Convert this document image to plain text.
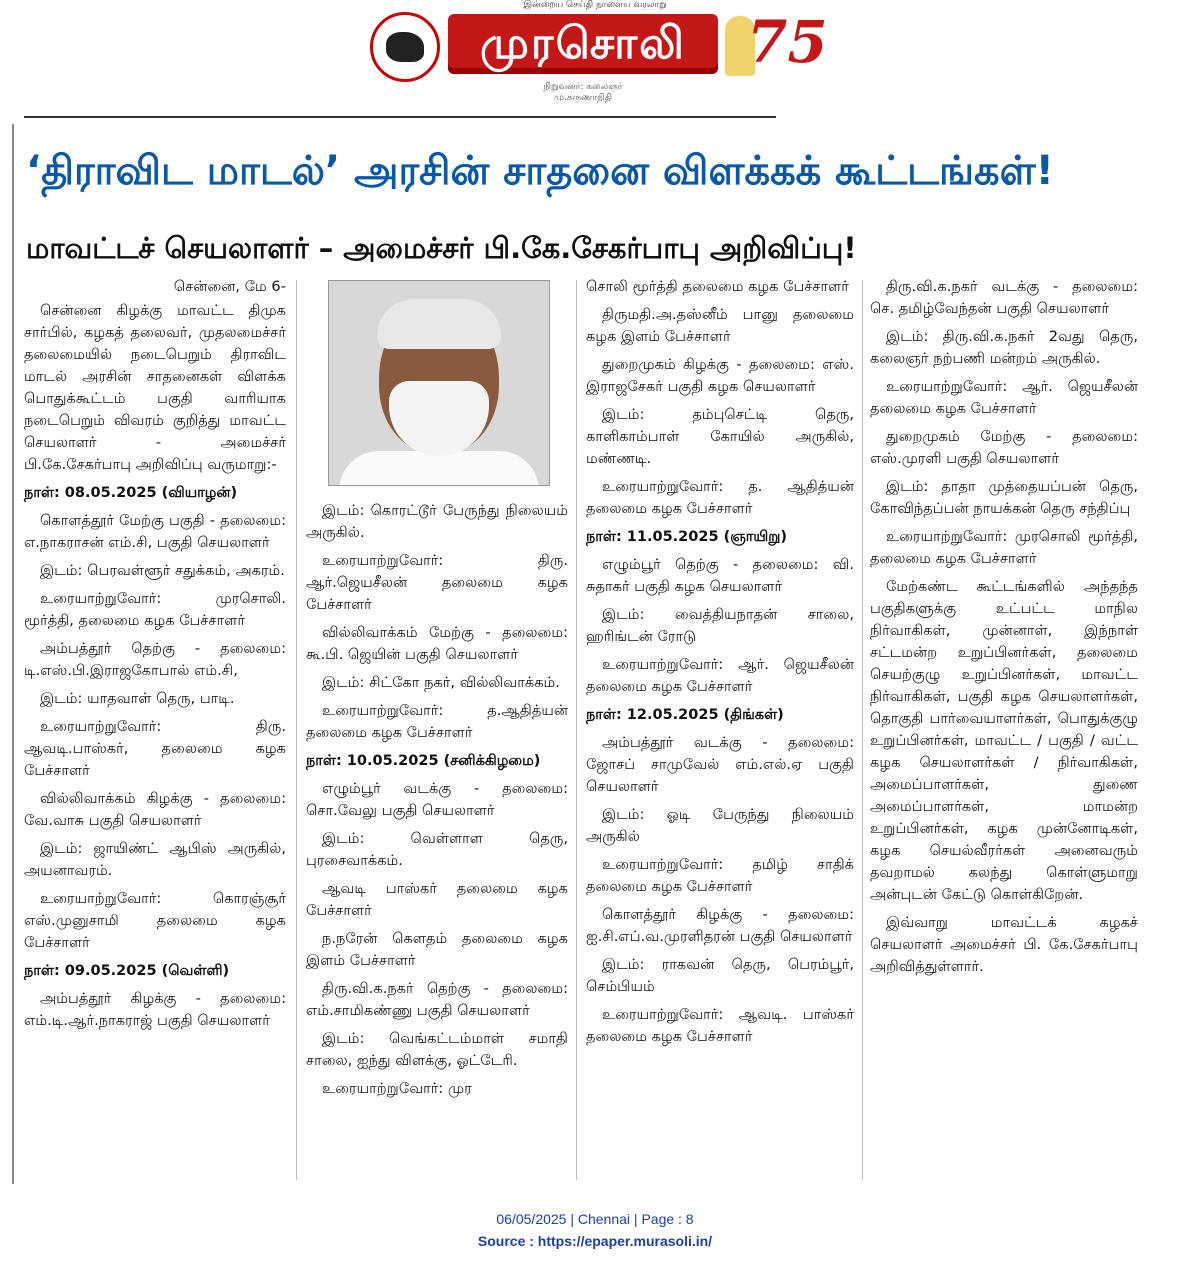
இன்றைய செய்தி நாளைய வரலாறு
முரசொலி
நிறுவனர்: கலைஞர் மு.கருணாநிதி
75
‘திராவிட மாடல்’ அரசின் சாதனை விளக்கக் கூட்டங்கள்!
மாவட்டச் செயலாளர் – அமைச்சர் பி.கே.சேகர்பாபு அறிவிப்பு!

சென்னை, மே 6-

சென்னை கிழக்கு மாவட்ட திமுக சார்பில், கழகத் தலைவர், முதலமைச்சர் தலைமையில் நடைபெறும் திராவிட மாடல் அரசின் சாதனைகள் விளக்க பொதுக்கூட்டம் பகுதி வாரியாக நடைபெறும் விவரம் குறித்து மாவட்ட செயலாளர் - அமைச்சர் பி.கே.சேகர்பாபு அறிவிப்பு வருமாறு:-

நாள்: 08.05.2025 (வியாழன்)

கொளத்தூர் மேற்கு பகுதி - தலைமை: எ.நாகராசன் எம்.சி, பகுதி செயலாளர்

இடம்: பெரவள்ளூர் சதுக்கம், அகரம்.

உரையாற்றுவோர்: முரசொலி. மூர்த்தி, தலைமை கழக பேச்சாளர்

அம்பத்தூர் தெற்கு - தலைமை: டி.எஸ்.பி.இராஜகோபால் எம்.சி,

இடம்: யாதவாள் தெரு, பாடி.

உரையாற்றுவோர்: திரு. ஆவடி.பாஸ்கர், தலைமை கழக பேச்சாளர்

வில்லிவாக்கம் கிழக்கு - தலைமை: வே.வாசு பகுதி செயலாளர்

இடம்: ஜாயிண்ட் ஆபிஸ் அருகில், அயனாவரம்.

உரையாற்றுவோர்: கொரஞ்சூர் எஸ்.முனுசாமி தலைமை கழக பேச்சாளர்

நாள்: 09.05.2025 (வெள்ளி)

அம்பத்தூர் கிழக்கு - தலைமை: எம்.டி.ஆர்.நாகராஜ் பகுதி செயலாளர்

இடம்: கொரட்டூர் பேருந்து நிலையம் அருகில்.

உரையாற்றுவோர்: திரு. ஆர்.ஜெயசீலன் தலைமை கழக பேச்சாளர்

வில்லிவாக்கம் மேற்கு - தலைமை: கூ.பி. ஜெயின் பகுதி செயலாளர்

இடம்: சிட்கோ நகர், வில்லிவாக்கம்.

உரையாற்றுவோர்: த.ஆதித்யன் தலைமை கழக பேச்சாளர்

நாள்: 10.05.2025 (சனிக்கிழமை)

எழும்பூர் வடக்கு - தலைமை: சொ.வேலு பகுதி செயலாளர்

இடம்: வெள்ளாள தெரு, புரசைவாக்கம்.

ஆவடி பாஸ்கர் தலைமை கழக பேச்சாளர்

ந.நரேன் கௌதம் தலைமை கழக இளம் பேச்சாளர்

திரு.வி.க.நகர் தெற்கு - தலைமை: எம்.சாமிகண்ணு பகுதி செயலாளர்

இடம்: வெங்கட்டம்மாள் சமாதி சாலை, ஐந்து விளக்கு, ஓட்டேரி.

உரையாற்றுவோர்: முர

சொலி மூர்த்தி தலைமை கழக பேச்சாளர்

திருமதி.அ.தஸ்னீம் பானு தலைமை கழக இளம் பேச்சாளர்

துறைமுகம் கிழக்கு - தலைமை: எஸ். இராஜசேகர் பகுதி கழக செயலாளர்

இடம்: தம்புசெட்டி தெரு, காளிகாம்பாள் கோயில் அருகில், மண்ணடி.

உரையாற்றுவோர்: த. ஆதித்யன் தலைமை கழக பேச்சாளர்

நாள்: 11.05.2025 (ஞாயிறு)

எழும்பூர் தெற்கு - தலைமை: வி. சுதாகர் பகுதி கழக செயலாளர்

இடம்: வைத்தியநாதன் சாலை, ஹரிங்டன் ரோடு

உரையாற்றுவோர்: ஆர். ஜெயசீலன் தலைமை கழக பேச்சாளர்

நாள்: 12.05.2025 (திங்கள்)

அம்பத்தூர் வடக்கு - தலைமை: ஜோசப் சாமுவேல் எம்.எல்.ஏ பகுதி செயலாளர்

இடம்: ஓடி பேருந்து நிலையம் அருகில்

உரையாற்றுவோர்: தமிழ் சாதிக் தலைமை கழக பேச்சாளர்

கொளத்தூர் கிழக்கு - தலைமை: ஐ.சி.எப்.வ.முரளிதரன் பகுதி செயலாளர்

இடம்: ராகவன் தெரு, பெரம்பூர், செம்பியம்

உரையாற்றுவோர்: ஆவடி. பாஸ்கர் தலைமை கழக பேச்சாளர்

திரு.வி.க.நகர் வடக்கு - தலைமை: செ. தமிழ்வேந்தன் பகுதி செயலாளர்

இடம்: திரு.வி.க.நகர் 2வது தெரு, கலைஞர் நற்பணி மன்றம் அருகில்.

உரையாற்றுவோர்: ஆர். ஜெயசீலன் தலைமை கழக பேச்சாளர்

துறைமுகம் மேற்கு - தலைமை: எஸ்.முரளி பகுதி செயலாளர்

இடம்: தாதா முத்தையப்பன் தெரு, கோவிந்தப்பன் நாயக்கன் தெரு சந்திப்பு

உரையாற்றுவோர்: முரசொலி மூர்த்தி, தலைமை கழக பேச்சாளர்

மேற்கண்ட கூட்டங்களில் அந்தந்த பகுதிகளுக்கு உட்பட்ட மாநில நிர்வாகிகள், முன்னாள், இந்நாள் சட்டமன்ற உறுப்பினர்கள், தலைமை செயற்குழு உறுப்பினர்கள், மாவட்ட நிர்வாகிகள், பகுதி கழக செயலாளர்கள், தொகுதி பார்வையாளர்கள், பொதுக்குழு உறுப்பினர்கள், மாவட்ட / பகுதி / வட்ட கழக செயலாளர்கள் / நிர்வாகிகள், அமைப்பாளர்கள், துணை அமைப்பாளர்கள், மாமன்ற உறுப்பினர்கள், கழக முன்னோடிகள், கழக செயல்வீரர்கள் அனைவரும் தவறாமல் கலந்து கொள்ளுமாறு அன்புடன் கேட்டு கொள்கிறேன்.

இவ்வாறு மாவட்டக் கழகச் செயலாளர் அமைச்சர் பி. கே.சேகர்பாபு அறிவித்துள்ளார்.

06/05/2025 | Chennai | Page : 8
Source : https://epaper.murasoli.in/
